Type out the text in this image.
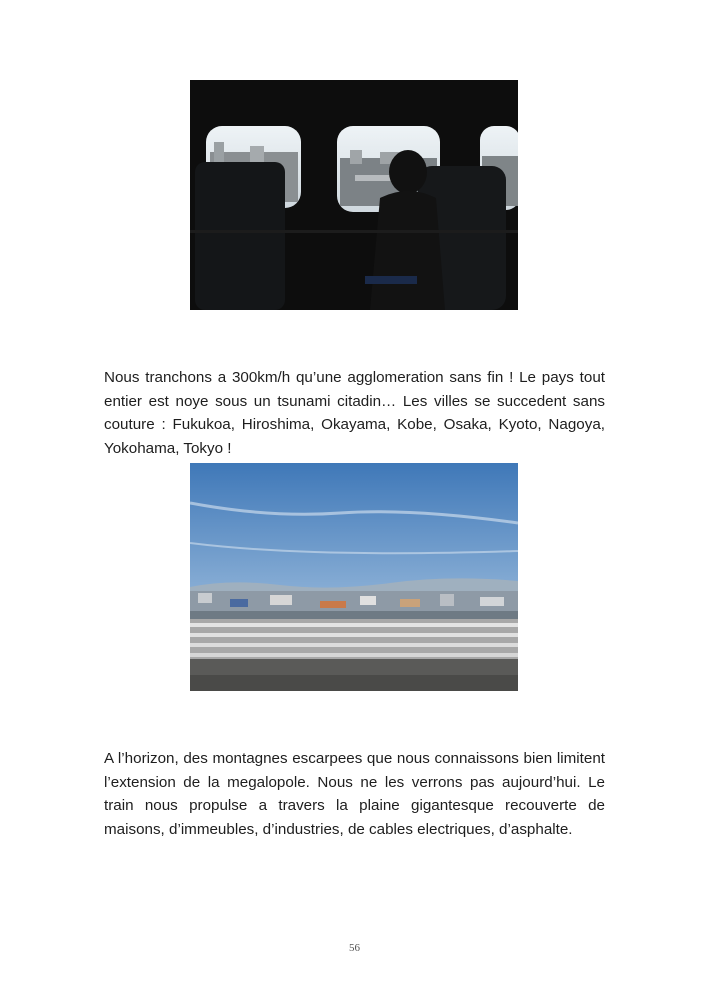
Nous tranchons a 300km/h qu’une agglomeration sans fin ! Le pays tout entier est noye sous un tsunami citadin… Les villes se succedent sans couture : Fukukoa, Hiroshima, Okayama, Kobe, Osaka, Kyoto, Nagoya, Yokohama, Tokyo !

A l’horizon, des montagnes escarpees que nous connaissons bien limitent l’extension de la megalopole. Nous ne les verrons pas aujourd’hui. Le train nous propulse a travers la plaine gigantesque recouverte de maisons, d’immeubles, d’industries, de cables electriques, d’asphalte.

56
